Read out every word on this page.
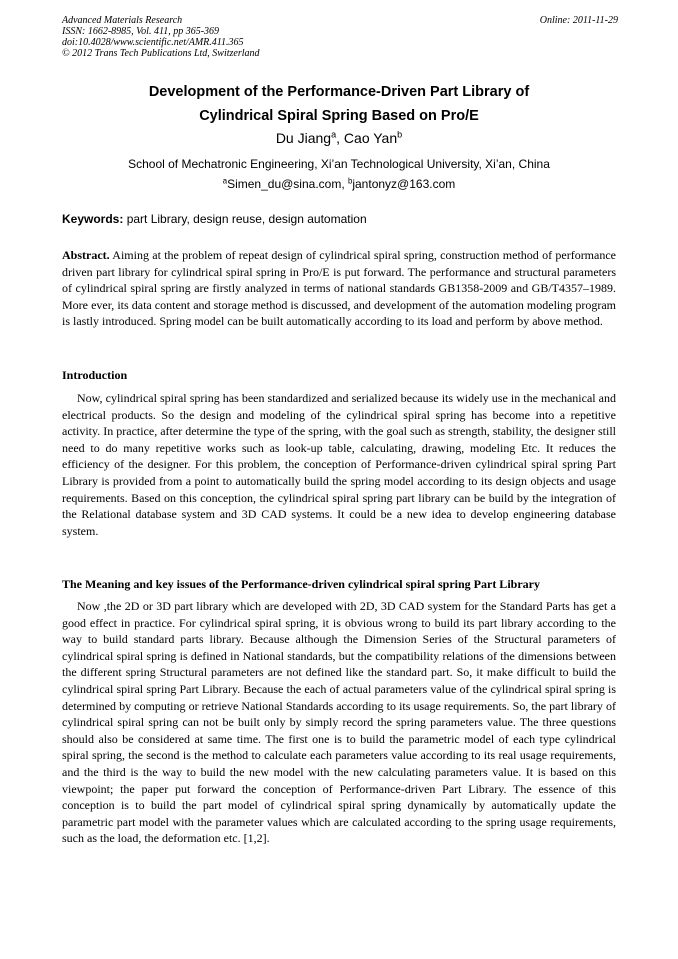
Advanced Materials Research
ISSN: 1662-8985, Vol. 411, pp 365-369
doi:10.4028/www.scientific.net/AMR.411.365
© 2012 Trans Tech Publications Ltd, Switzerland
Online: 2011-11-29
Development of the Performance-Driven Part Library of
Cylindrical Spiral Spring Based on Pro/E
Du Jiang$^a$, Cao Yan$^b$
School of Mechatronic Engineering, Xi’an Technological University, Xi’an, China
$^a$Simen_du@sina.com, $^b$jantonyz@163.com
Keywords: part Library, design reuse, design automation

Abstract. Aiming at the problem of repeat design of cylindrical spiral spring, construction method of performance driven part library for cylindrical spiral spring in Pro/E is put forward. The performance and structural parameters of cylindrical spiral spring are firstly analyzed in terms of national standards GB1358-2009 and GB/T4357–1989. More ever, its data content and storage method is discussed, and development of the automation modeling program is lastly introduced. Spring model can be built automatically according to its load and perform by above method.

Introduction

Now, cylindrical spiral spring has been standardized and serialized because its widely use in the mechanical and electrical products. So the design and modeling of the cylindrical spiral spring has become into a repetitive activity. In practice, after determine the type of the spring, with the goal such as strength, stability, the designer still need to do many repetitive works such as look-up table, calculating, drawing, modeling Etc. It reduces the efficiency of the designer. For this problem, the conception of Performance-driven cylindrical spiral spring Part Library is provided from a point to automatically build the spring model according to its design objects and usage requirements. Based on this conception, the cylindrical spiral spring part library can be build by the integration of the Relational database system and 3D CAD systems. It could be a new idea to develop engineering database system.

The Meaning and key issues of the Performance-driven cylindrical spiral spring Part Library

Now ,the 2D or 3D part library which are developed with 2D, 3D CAD system for the Standard Parts has get a good effect in practice. For cylindrical spiral spring, it is obvious wrong to build its part library according to the way to build standard parts library. Because although the Dimension Series of the Structural parameters of cylindrical spiral spring is defined in National standards, but the compatibility relations of the dimensions between the different spring Structural parameters are not defined like the standard part. So, it make difficult to build the cylindrical spiral spring Part Library. Because the each of actual parameters value of the cylindrical spiral spring is determined by computing or retrieve National Standards according to its usage requirements. So, the part library of cylindrical spiral spring can not be built only by simply record the spring parameters value. The three questions should also be considered at same time. The first one is to build the parametric model of each type cylindrical spiral spring, the second is the method to calculate each parameters value according to its real usage requirements, and the third is the way to build the new model with the new calculating parameters value. It is based on this viewpoint; the paper put forward the conception of Performance-driven Part Library. The essence of this conception is to build the part model of cylindrical spiral spring dynamically by automatically update the parametric part model with the parameter values which are calculated according to the spring usage requirements, such as the load, the deformation etc. [1,2].
